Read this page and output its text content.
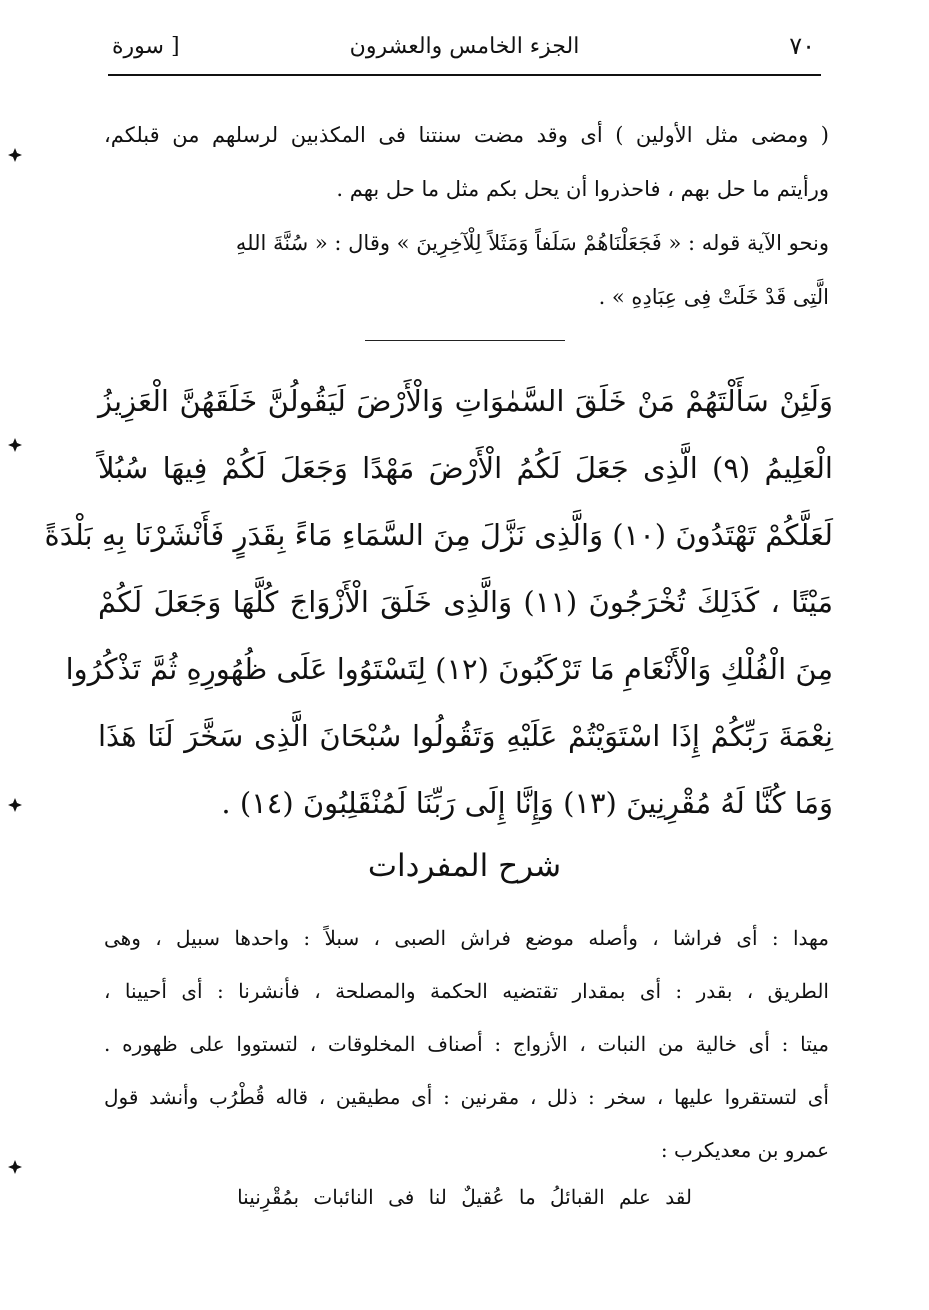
٧٠
الجزء الخامس والعشرون
[ سورة

( ومضى مثل الأولين ) أى وقد مضت سنتنا فى المكذبين لرسلهم من قبلكم،

ورأيتم ما حل بهم ، فاحذروا أن يحل بكم مثل ما حل بهم .

ونحو الآية قوله : « فَجَعَلْنَاهُمْ سَلَفاً وَمَثَلاً لِلْآخِرِينَ » وقال : « سُنَّةَ اللهِ

الَّتِى قَدْ خَلَتْ فِى عِبَادِهِ » .

وَلَئِنْ سَأَلْتَهُمْ مَنْ خَلَقَ السَّمٰوَاتِ وَالْأَرْضَ لَيَقُولُنَّ خَلَقَهُنَّ الْعَزِيزُ

الْعَلِيمُ (٩) الَّذِى جَعَلَ لَكُمُ الْأَرْضَ مَهْدًا وَجَعَلَ لَكُمْ فِيهَا سُبُلاً

لَعَلَّكُمْ تَهْتَدُونَ (١٠) وَالَّذِى نَزَّلَ مِنَ السَّمَاءِ مَاءً بِقَدَرٍ فَأَنْشَرْنَا بِهِ بَلْدَةً

مَيْتًا ، كَذَلِكَ تُخْرَجُونَ (١١) وَالَّذِى خَلَقَ الْأَزْوَاجَ كُلَّهَا وَجَعَلَ لَكُمْ

مِنَ الْفُلْكِ وَالْأَنْعَامِ مَا تَرْكَبُونَ (١٢) لِتَسْتَوُوا عَلَى ظُهُورِهِ ثُمَّ تَذْكُرُوا

نِعْمَةَ رَبِّكُمْ إِذَا اسْتَوَيْتُمْ عَلَيْهِ وَتَقُولُوا سُبْحَانَ الَّذِى سَخَّرَ لَنَا هَذَا

وَمَا كُنَّا لَهُ مُقْرِنِينَ (١٣) وَإِنَّا إِلَى رَبِّنَا لَمُنْقَلِبُونَ (١٤) .

شرح المفردات

مهدا : أى فراشا ، وأصله موضع فراش الصبى ، سبلاً : واحدها سبيل ، وهى

الطريق ، بقدر : أى بمقدار تقتضيه الحكمة والمصلحة ، فأنشرنا : أى أحيينا ،

ميتا : أى خالية من النبات ، الأزواج : أصناف المخلوقات ، لتستووا على ظهوره .

أى لتستقروا عليها ، سخر : ذلل ، مقرنين : أى مطيقين ، قاله قُطْرُب وأنشد قول

عمرو بن معديكرب :

لقد علم القبائلُ ما عُقيلٌ لنا فى النائبات بمُقْرِنينا
